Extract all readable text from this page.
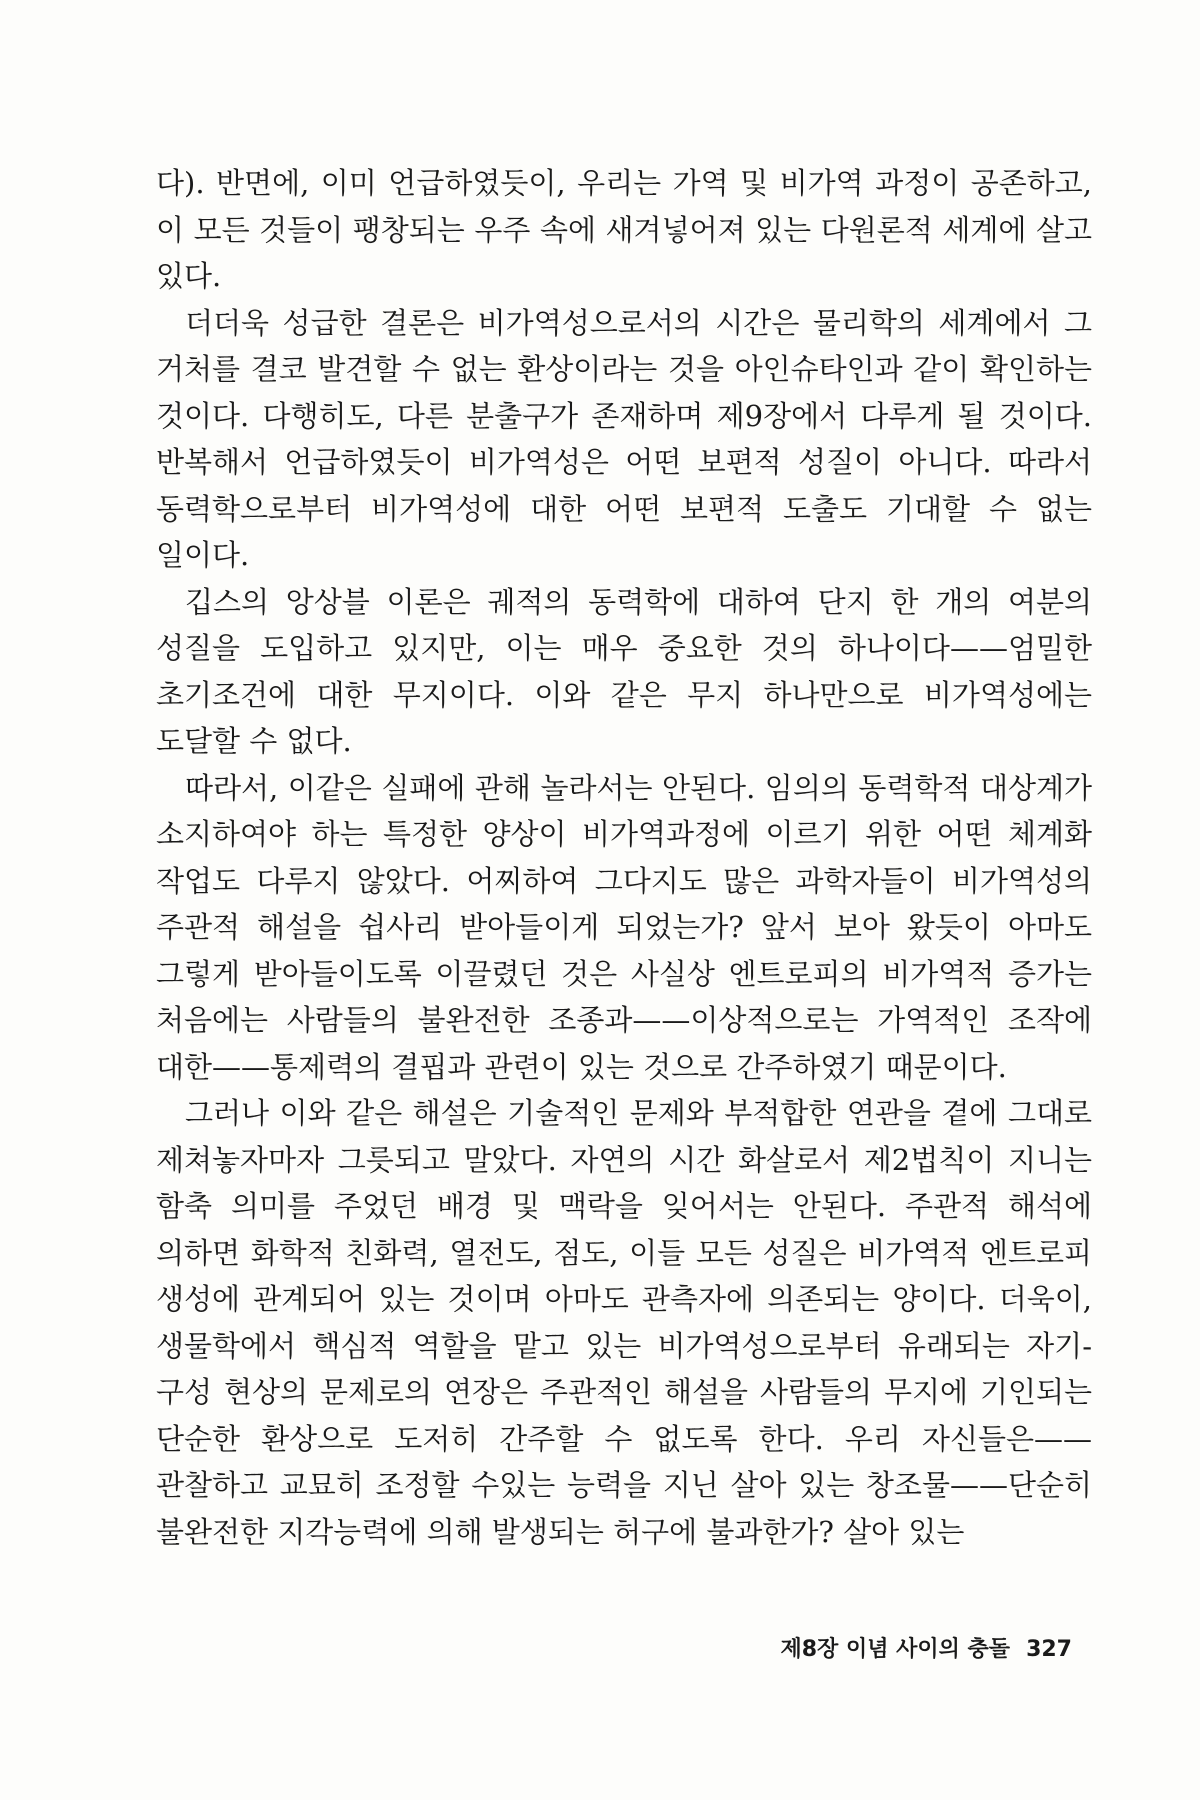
다). 반면에, 이미 언급하였듯이, 우리는 가역 및 비가역 과정이 공존하고, 이 모든 것들이 팽창되는 우주 속에 새겨넣어져 있는 다원론적 세계에 살고 있다.

더더욱 성급한 결론은 비가역성으로서의 시간은 물리학의 세계에서 그 거처를 결코 발견할 수 없는 환상이라는 것을 아인슈타인과 같이 확인하는 것이다. 다행히도, 다른 분출구가 존재하며 제9장에서 다루게 될 것이다. 반복해서 언급하였듯이 비가역성은 어떤 보편적 성질이 아니다. 따라서 동력학으로부터 비가역성에 대한 어떤 보편적 도출도 기대할 수 없는 일이다.

깁스의 앙상블 이론은 궤적의 동력학에 대하여 단지 한 개의 여분의 성질을 도입하고 있지만, 이는 매우 중요한 것의 하나이다——엄밀한 초기조건에 대한 무지이다. 이와 같은 무지 하나만으로 비가역성에는 도달할 수 없다.

따라서, 이같은 실패에 관해 놀라서는 안된다. 임의의 동력학적 대상계가 소지하여야 하는 특정한 양상이 비가역과정에 이르기 위한 어떤 체계화 작업도 다루지 않았다. 어찌하여 그다지도 많은 과학자들이 비가역성의 주관적 해설을 쉽사리 받아들이게 되었는가? 앞서 보아 왔듯이 아마도 그렇게 받아들이도록 이끌렸던 것은 사실상 엔트로피의 비가역적 증가는 처음에는 사람들의 불완전한 조종과——이상적으로는 가역적인 조작에 대한——통제력의 결핍과 관련이 있는 것으로 간주하였기 때문이다.

그러나 이와 같은 해설은 기술적인 문제와 부적합한 연관을 곁에 그대로 제쳐놓자마자 그릇되고 말았다. 자연의 시간 화살로서 제2법칙이 지니는 함축 의미를 주었던 배경 및 맥락을 잊어서는 안된다. 주관적 해석에 의하면 화학적 친화력, 열전도, 점도, 이들 모든 성질은 비가역적 엔트로피 생성에 관계되어 있는 것이며 아마도 관측자에 의존되는 양이다. 더욱이, 생물학에서 핵심적 역할을 맡고 있는 비가역성으로부터 유래되는 자기-구성 현상의 문제로의 연장은 주관적인 해설을 사람들의 무지에 기인되는 단순한 환상으로 도저히 간주할 수 없도록 한다. 우리 자신들은——관찰하고 교묘히 조정할 수있는 능력을 지닌 살아 있는 창조물——단순히 불완전한 지각능력에 의해 발생되는 허구에 불과한가? 살아 있는

제8장 이념 사이의 충돌 327
